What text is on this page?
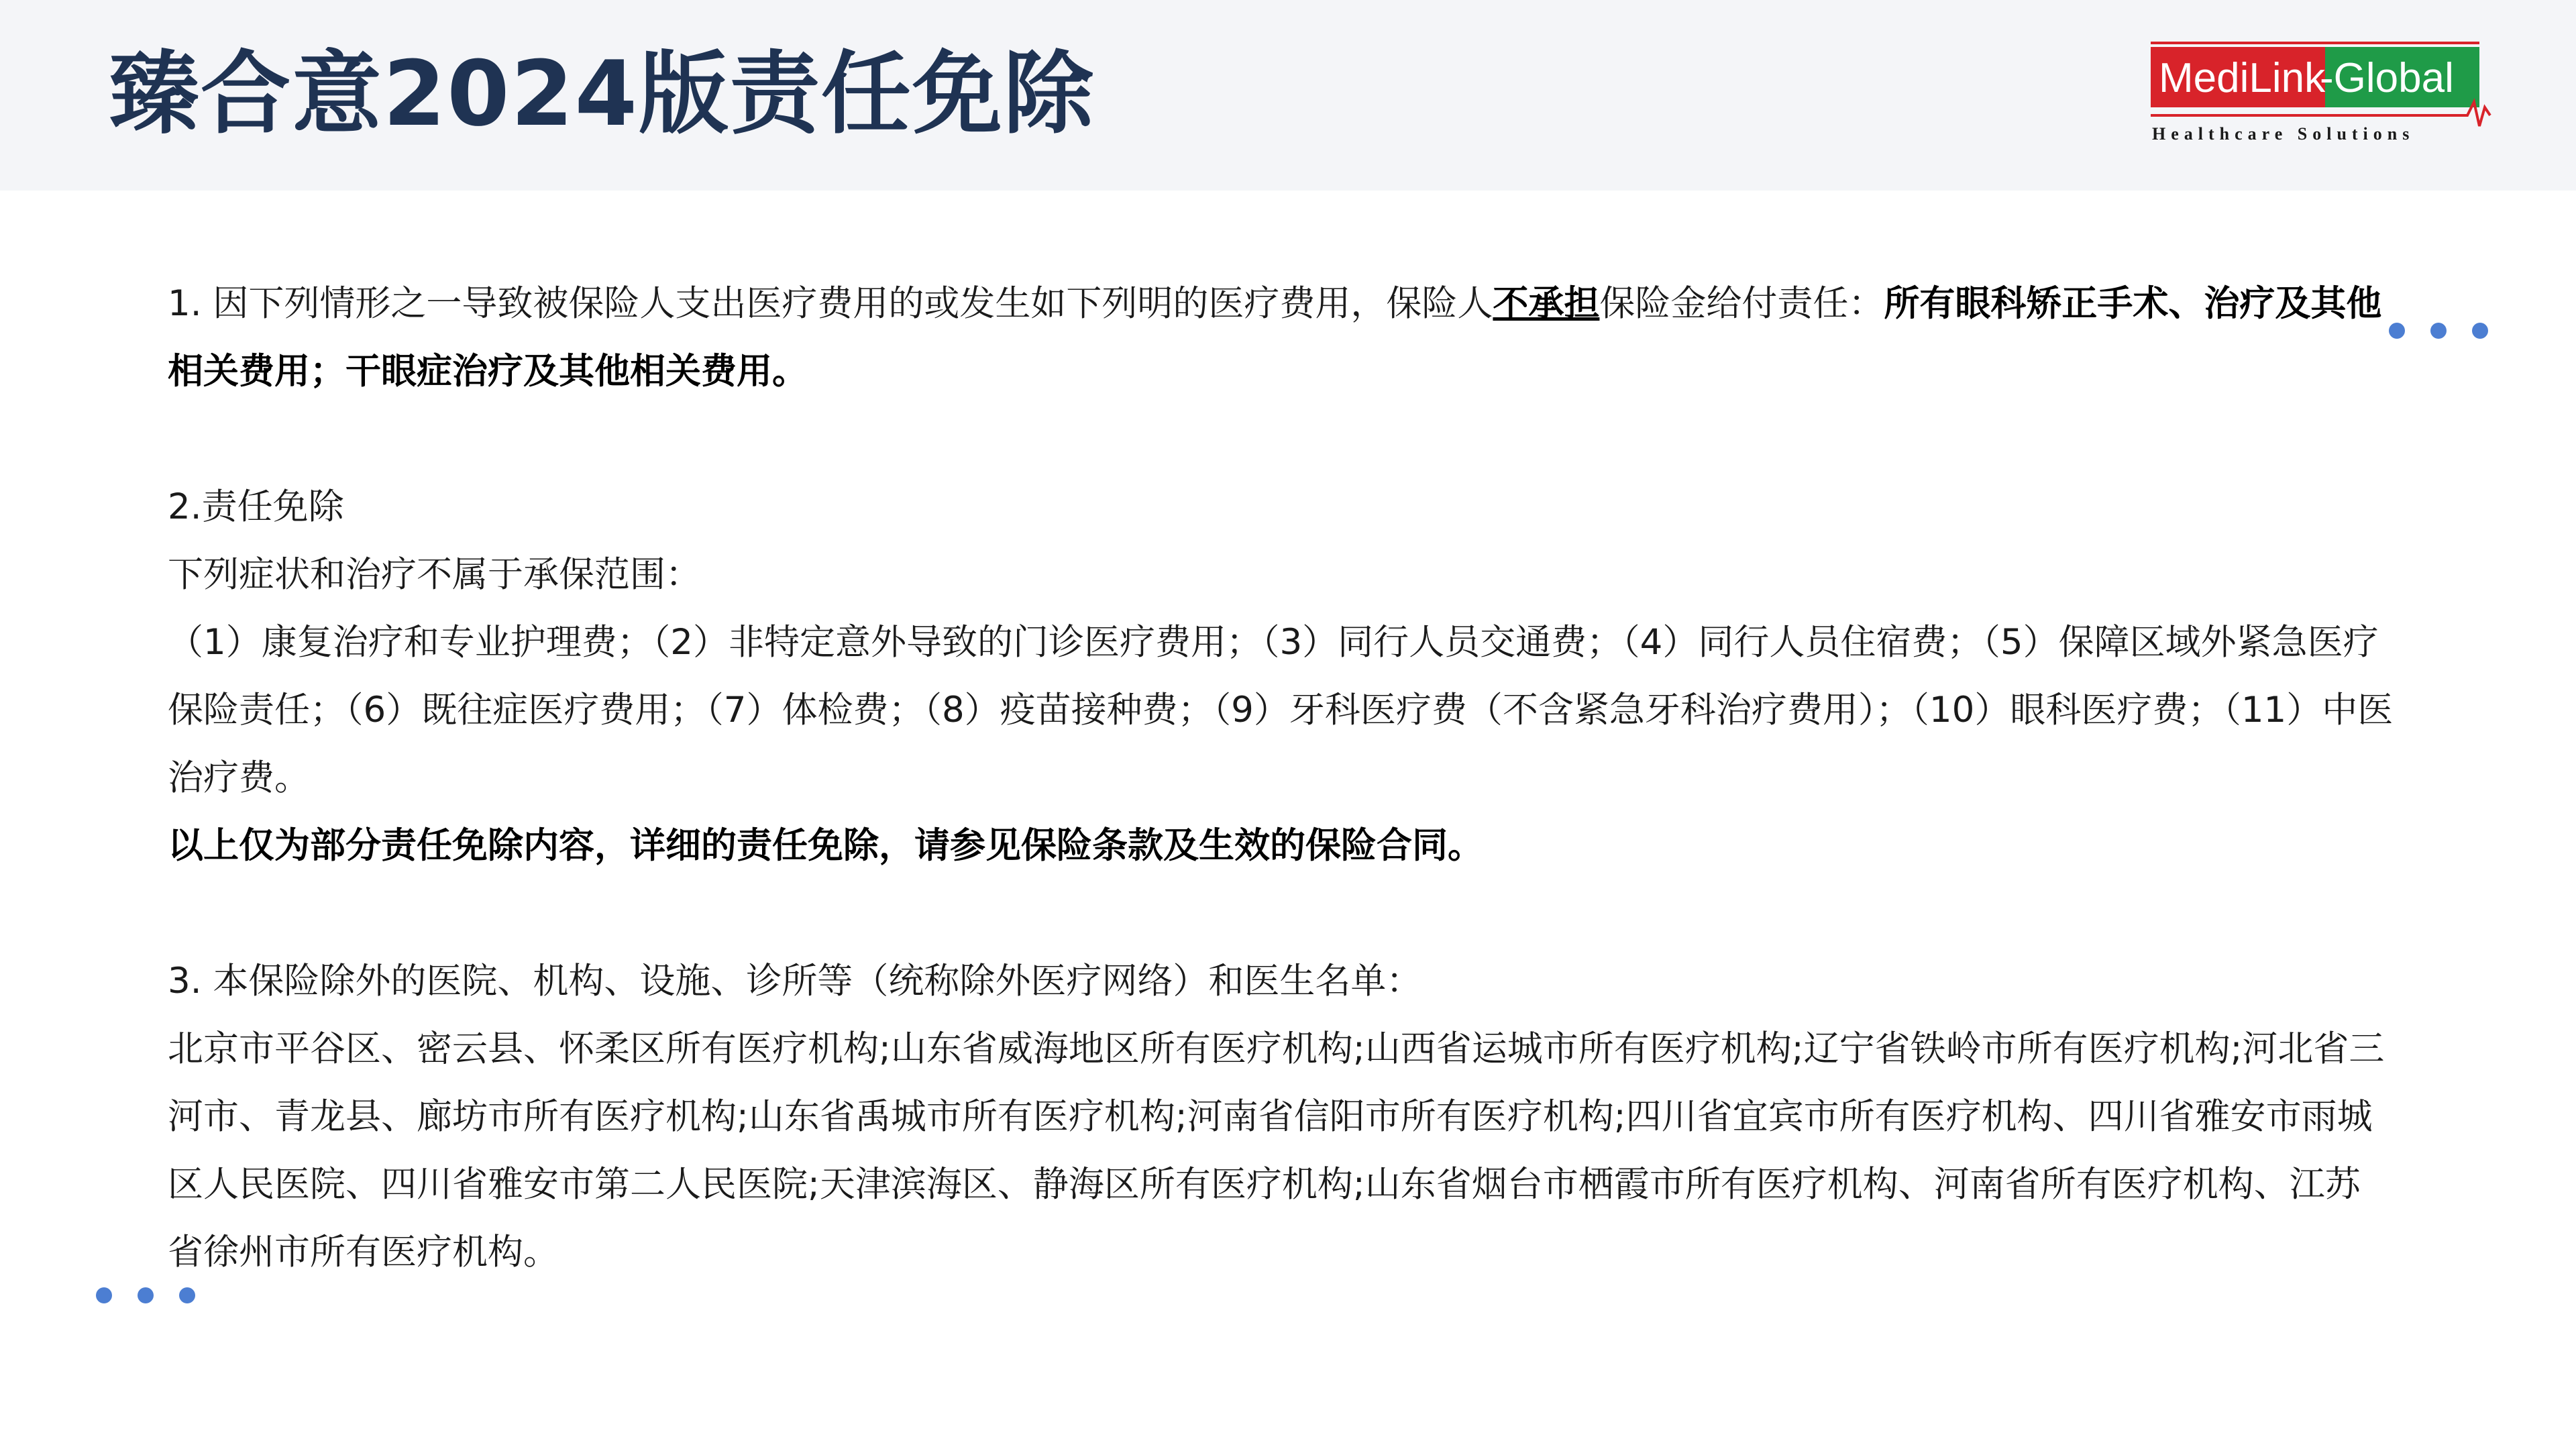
臻合意2024版责任免除	MediLink
-Global
Healthcare Solutions

1. 因下列情形之一导致被保险人支出医疗费用的或发生如下列明的医疗费用，保险人不承担保险金给付责任：所有眼科矫正手术、治疗及其他相关费用；干眼症治疗及其他相关费用。

2.责任免除

下列症状和治疗不属于承保范围：

（1）康复治疗和专业护理费；（2）非特定意外导致的门诊医疗费用；（3）同行人员交通费；（4）同行人员住宿费；（5）保障区域外紧急医疗保险责任；（6）既往症医疗费用；（7）体检费；（8）疫苗接种费；（9）牙科医疗费（不含紧急牙科治疗费用）；（10）眼科医疗费；（11）中医治疗费。

以上仅为部分责任免除内容，详细的责任免除，请参见保险条款及生效的保险合同。

3. 本保险除外的医院、机构、设施、诊所等（统称除外医疗网络）和医生名单：

北京市平谷区、密云县、怀柔区所有医疗机构;山东省威海地区所有医疗机构;山西省运城市所有医疗机构;辽宁省铁岭市所有医疗机构;河北省三河市、青龙县、廊坊市所有医疗机构;山东省禹城市所有医疗机构;河南省信阳市所有医疗机构;四川省宜宾市所有医疗机构、四川省雅安市雨城区人民医院、四川省雅安市第二人民医院;天津滨海区、静海区所有医疗机构;山东省烟台市栖霞市所有医疗机构、河南省所有医疗机构、江苏省徐州市所有医疗机构。
